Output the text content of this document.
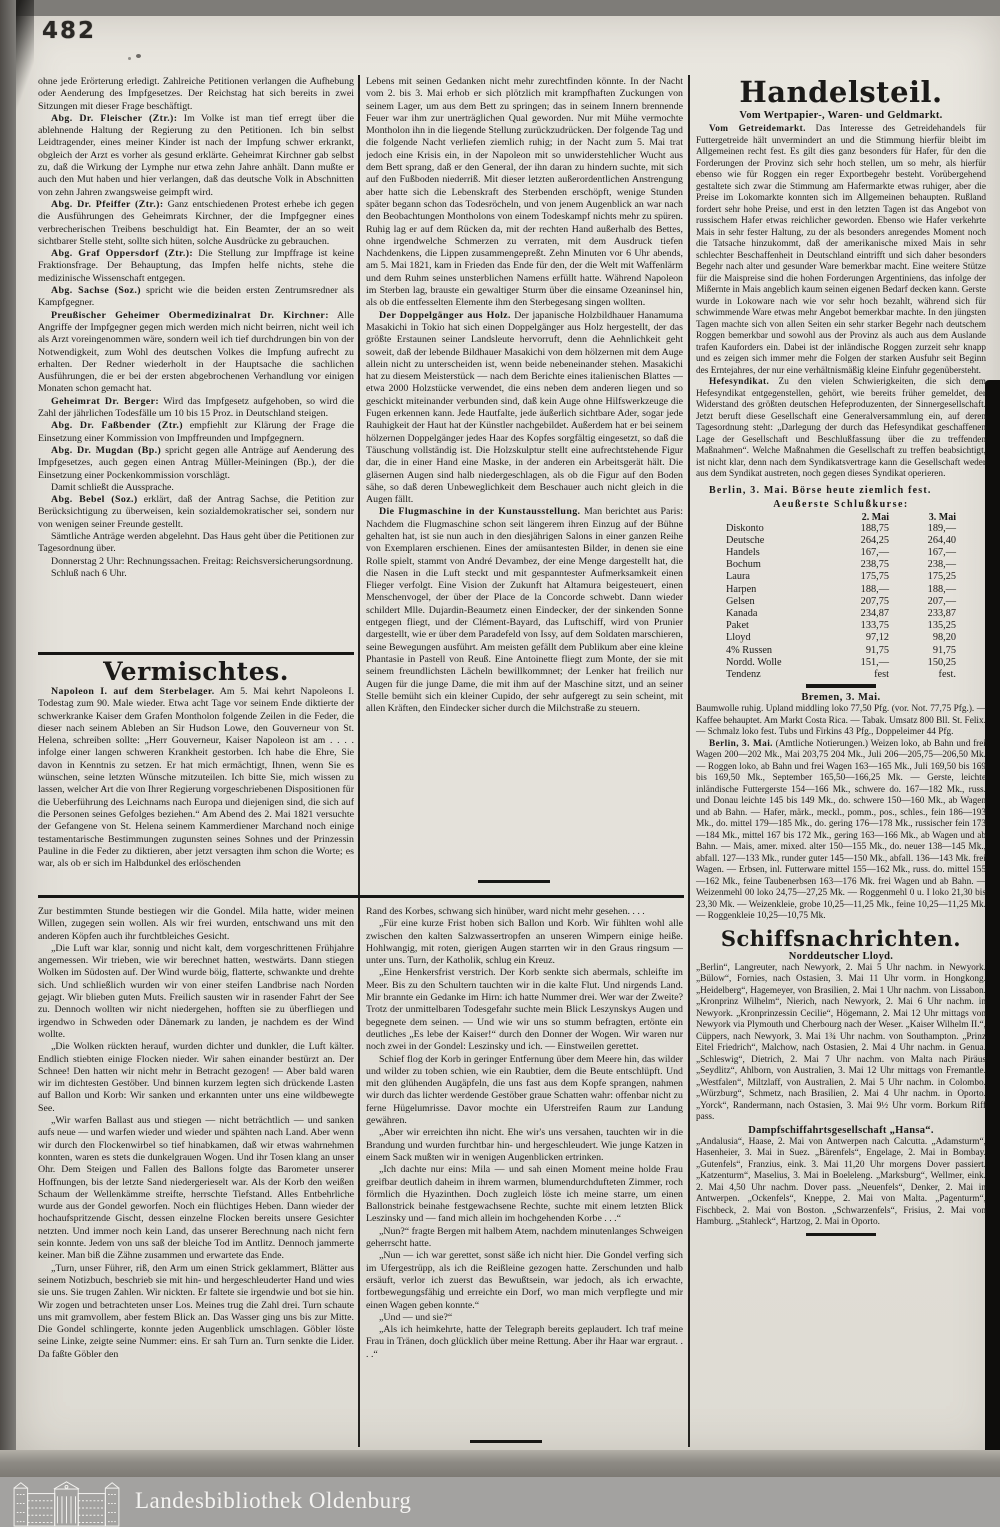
482

ohne jede Erörterung erledigt. Zahlreiche Petitionen verlangen die Aufhebung oder Aenderung des Impfgesetzes. Der Reichstag hat sich bereits in zwei Sitzungen mit dieser Frage beschäftigt.

Abg. Dr. Fleischer (Ztr.): Im Volke ist man tief erregt über die ablehnende Haltung der Regierung zu den Petitionen. Ich bin selbst Leidtragender, eines meiner Kinder ist nach der Impfung schwer erkrankt, obgleich der Arzt es vorher als gesund erklärte. Geheimrat Kirchner gab selbst zu, daß die Wirkung der Lymphe nur etwa zehn Jahre anhält. Dann mußte er auch den Mut haben und hier verlangen, daß das deutsche Volk in Abschnitten von zehn Jahren zwangsweise geimpft wird.

Abg. Dr. Pfeiffer (Ztr.): Ganz entschiedenen Protest erhebe ich gegen die Ausführungen des Geheimrats Kirchner, der die Impfgegner eines verbrecherischen Treibens beschuldigt hat. Ein Beamter, der an so weit sichtbarer Stelle steht, sollte sich hüten, solche Ausdrücke zu gebrauchen.

Abg. Graf Oppersdorf (Ztr.): Die Stellung zur Impffrage ist keine Fraktionsfrage. Der Behauptung, das Impfen helfe nichts, stehe die medizinische Wissenschaft entgegen.

Abg. Sachse (Soz.) spricht wie die beiden ersten Zentrumsredner als Kampfgegner.

Preußischer Geheimer Obermedizinalrat Dr. Kirchner: Alle Angriffe der Impfgegner gegen mich werden mich nicht beirren, nicht weil ich als Arzt voreingenommen wäre, sondern weil ich tief durchdrungen bin von der Notwendigkeit, zum Wohl des deutschen Volkes die Impfung aufrecht zu erhalten. Der Redner wiederholt in der Hauptsache die sachlichen Ausführungen, die er bei der ersten abgebrochenen Verhandlung vor einigen Monaten schon gemacht hat.

Geheimrat Dr. Berger: Wird das Impfgesetz aufgehoben, so wird die Zahl der jährlichen Todesfälle um 10 bis 15 Proz. in Deutschland steigen.

Abg. Dr. Faßbender (Ztr.) empfiehlt zur Klärung der Frage die Einsetzung einer Kommission von Impffreunden und Impfgegnern.

Abg. Dr. Mugdan (Bp.) spricht gegen alle Anträge auf Aenderung des Impfgesetzes, auch gegen einen Antrag Müller-Meiningen (Bp.), der die Einsetzung einer Pockenkommission vorschlägt.

Damit schließt die Aussprache.

Abg. Bebel (Soz.) erklärt, daß der Antrag Sachse, die Petition zur Berücksichtigung zu überweisen, kein sozialdemokratischer sei, sondern nur von wenigen seiner Freunde gestellt.

Sämtliche Anträge werden abgelehnt. Das Haus geht über die Petitionen zur Tagesordnung über.

Donnerstag 2 Uhr: Rechnungssachen. Freitag: Reichsversicherungsordnung.

Schluß nach 6 Uhr.

Vermischtes.

Napoleon I. auf dem Sterbelager. Am 5. Mai kehrt Napoleons I. Todestag zum 90. Male wieder. Etwa acht Tage vor seinem Ende diktierte der schwerkranke Kaiser dem Grafen Montholon folgende Zeilen in die Feder, die dieser nach seinem Ableben an Sir Hudson Lowe, den Gouverneur von St. Helena, schreiben sollte: „Herr Gouverneur, Kaiser Napoleon ist am . . . . infolge einer langen schweren Krankheit gestorben. Ich habe die Ehre, Sie davon in Kenntnis zu setzen. Er hat mich ermächtigt, Ihnen, wenn Sie es wünschen, seine letzten Wünsche mitzuteilen. Ich bitte Sie, mich wissen zu lassen, welcher Art die von Ihrer Regierung vorgeschriebenen Dispositionen für die Ueberführung des Leichnams nach Europa und diejenigen sind, die sich auf die Personen seines Gefolges beziehen.“ Am Abend des 2. Mai 1821 versuchte der Gefangene von St. Helena seinem Kammerdiener Marchand noch einige testamentarische Bestimmungen zugunsten seines Sohnes und der Prinzessin Pauline in die Feder zu diktieren, aber jetzt versagten ihm schon die Worte; es war, als ob er sich im Halbdunkel des erlöschenden

Lebens mit seinen Gedanken nicht mehr zurechtfinden könnte. In der Nacht vom 2. bis 3. Mai erhob er sich plötzlich mit krampfhaften Zuckungen von seinem Lager, um aus dem Bett zu springen; das in seinem Innern brennende Feuer war ihm zur unerträglichen Qual geworden. Nur mit Mühe vermochte Montholon ihn in die liegende Stellung zurückzudrücken. Der folgende Tag und die folgende Nacht verliefen ziemlich ruhig; in der Nacht zum 5. Mai trat jedoch eine Krisis ein, in der Napoleon mit so unwiderstehlicher Wucht aus dem Bett sprang, daß er den General, der ihn daran zu hindern suchte, mit sich auf den Fußboden niederriß. Mit dieser letzten außerordentlichen Anstrengung aber hatte sich die Lebenskraft des Sterbenden erschöpft, wenige Stunden später begann schon das Todesröcheln, und von jenem Augenblick an war nach den Beobachtungen Montholons von einem Todeskampf nichts mehr zu spüren. Ruhig lag er auf dem Rücken da, mit der rechten Hand außerhalb des Bettes, ohne irgendwelche Schmerzen zu verraten, mit dem Ausdruck tiefen Nachdenkens, die Lippen zusammengepreßt. Zehn Minuten vor 6 Uhr abends, am 5. Mai 1821, kam in Frieden das Ende für den, der die Welt mit Waffenlärm und dem Ruhm seines unsterblichen Namens erfüllt hatte. Während Napoleon im Sterben lag, brauste ein gewaltiger Sturm über die einsame Ozeaninsel hin, als ob die entfesselten Elemente ihm den Sterbegesang singen wollten.

Der Doppelgänger aus Holz. Der japanische Holzbildhauer Hanamuma Masakichi in Tokio hat sich einen Doppelgänger aus Holz hergestellt, der das größte Erstaunen seiner Landsleute hervorruft, denn die Aehnlichkeit geht soweit, daß der lebende Bildhauer Masakichi von dem hölzernen mit dem Auge allein nicht zu unterscheiden ist, wenn beide nebeneinander stehen. Masakichi hat zu diesem Meisterstück — nach dem Berichte eines italienischen Blattes — etwa 2000 Holzstücke verwendet, die eins neben dem anderen liegen und so geschickt miteinander verbunden sind, daß kein Auge ohne Hilfswerkzeuge die Fugen erkennen kann. Jede Hautfalte, jede äußerlich sichtbare Ader, sogar jede Rauhigkeit der Haut hat der Künstler nachgebildet. Außerdem hat er bei seinem hölzernen Doppelgänger jedes Haar des Kopfes sorgfältig eingesetzt, so daß die Täuschung vollständig ist. Die Holzskulptur stellt eine aufrechtstehende Figur dar, die in einer Hand eine Maske, in der anderen ein Arbeitsgerät hält. Die gläsernen Augen sind halb niedergeschlagen, als ob die Figur auf den Boden sähe, so daß deren Unbeweglichkeit dem Beschauer auch nicht gleich in die Augen fällt.

Die Flugmaschine in der Kunstausstellung. Man berichtet aus Paris: Nachdem die Flugmaschine schon seit längerem ihren Einzug auf der Bühne gehalten hat, ist sie nun auch in den diesjährigen Salons in einer ganzen Reihe von Exemplaren erschienen. Eines der amüsantesten Bilder, in denen sie eine Rolle spielt, stammt von André Devambez, der eine Menge dargestellt hat, die die Nasen in die Luft steckt und mit gespanntester Aufmerksamkeit einen Flieger verfolgt. Eine Vision der Zukunft hat Altamura beigesteuert, einen Menschenvogel, der über der Place de la Concorde schwebt. Dann wieder schildert Mlle. Dujardin-Beaumetz einen Eindecker, der der sinkenden Sonne entgegen fliegt, und der Clément-Bayard, das Luftschiff, wird von Prunier dargestellt, wie er über dem Paradefeld von Issy, auf dem Soldaten marschieren, seine Bewegungen ausführt. Am meisten gefällt dem Publikum aber eine kleine Phantasie in Pastell von Reuß. Eine Antoinette fliegt zum Monte, der sie mit seinem freundlichsten Lächeln bewillkommnet; der Lenker hat freilich nur Augen für die junge Dame, die mit ihm auf der Maschine sitzt, und an seiner Stelle bemüht sich ein kleiner Cupido, der sehr aufgeregt zu sein scheint, mit allen Kräften, den Eindecker sicher durch die Milchstraße zu steuern.

Zur bestimmten Stunde bestiegen wir die Gondel. Mila hatte, wider meinen Willen, zugegen sein wollen. Als wir frei wurden, entschwand uns mit den anderen Köpfen auch ihr furchtbleiches Gesicht.

„Die Luft war klar, sonnig und nicht kalt, dem vorgeschrittenen Frühjahre angemessen. Wir trieben, wie wir berechnet hatten, westwärts. Dann stiegen Wolken im Südosten auf. Der Wind wurde böig, flatterte, schwankte und drehte sich. Und schließlich wurden wir von einer steifen Landbrise nach Norden gejagt. Wir blieben guten Muts. Freilich sausten wir in rasender Fahrt der See zu. Dennoch wollten wir nicht niedergehen, hofften sie zu überfliegen und irgendwo in Schweden oder Dänemark zu landen, je nachdem es der Wind wollte.

„Die Wolken rückten herauf, wurden dichter und dunkler, die Luft kälter. Endlich stiebten einige Flocken nieder. Wir sahen einander bestürzt an. Der Schnee! Den hatten wir nicht mehr in Betracht gezogen! — Aber bald waren wir im dichtesten Gestöber. Und binnen kurzem legten sich drückende Lasten auf Ballon und Korb: Wir sanken und erkannten unter uns eine wildbewegte See.

„Wir warfen Ballast aus und stiegen — nicht beträchtlich — und sanken aufs neue — und warfen wieder und wieder und spähten nach Land. Aber wenn wir durch den Flockenwirbel so tief hinabkamen, daß wir etwas wahrnehmen konnten, waren es stets die dunkelgrauen Wogen. Und ihr Tosen klang an unser Ohr. Dem Steigen und Fallen des Ballons folgte das Barometer unserer Hoffnungen, bis der letzte Sand niedergerieselt war. Als der Korb den weißen Schaum der Wellenkämme streifte, herrschte Tiefstand. Alles Entbehrliche wurde aus der Gondel geworfen. Noch ein flüchtiges Heben. Dann wieder der hochaufspritzende Gischt, dessen einzelne Flocken bereits unsere Gesichter netzten. Und immer noch kein Land, das unserer Berechnung nach nicht fern sein konnte. Jedem von uns saß der bleiche Tod im Antlitz. Dennoch jammerte keiner. Man biß die Zähne zusammen und erwartete das Ende.

„Turn, unser Führer, riß, den Arm um einen Strick geklammert, Blätter aus seinem Notizbuch, beschrieb sie mit hin- und hergeschleuderter Hand und wies sie uns. Sie trugen Zahlen. Wir nickten. Er faltete sie irgendwie und bot sie hin. Wir zogen und betrachteten unser Los. Meines trug die Zahl drei. Turn schaute uns mit gramvollem, aber festem Blick an. Das Wasser ging uns bis zur Mitte. Die Gondel schlingerte, konnte jeden Augenblick umschlagen. Göbler löste seine Linke, zeigte seine Nummer: eins. Er sah Turn an. Turn senkte die Lider. Da faßte Göbler den

Rand des Korbes, schwang sich hinüber, ward nicht mehr gesehen. . . .

„Für eine kurze Frist hoben sich Ballon und Korb. Wir fühlten wohl alle zwischen den kalten Salzwassertropfen an unseren Wimpern einige heiße. Hohlwangig, mit roten, gierigen Augen starrten wir in den Graus ringsum — unter uns. Turn, der Katholik, schlug ein Kreuz.

„Eine Henkersfrist verstrich. Der Korb senkte sich abermals, schleifte im Meer. Bis zu den Schultern tauchten wir in die kalte Flut. Und nirgends Land. Mir brannte ein Gedanke im Hirn: ich hatte Nummer drei. Wer war der Zweite? Trotz der unmittelbaren Todesgefahr suchte mein Blick Leszynskys Augen und begegnete dem seinen. — Und wie wir uns so stumm befragten, ertönte ein deutliches „Es lebe der Kaiser!“ durch den Donner der Wogen. Wir waren nur noch zwei in der Gondel: Leszinsky und ich. — Einstweilen gerettet.

Schief flog der Korb in geringer Entfernung über dem Meere hin, das wilder und wilder zu toben schien, wie ein Raubtier, dem die Beute entschlüpft. Und mit den glühenden Augäpfeln, die uns fast aus dem Kopfe sprangen, nahmen wir durch das lichter werdende Gestöber graue Schatten wahr: offenbar nicht zu ferne Hügelumrisse. Davor mochte ein Uferstreifen Raum zur Landung gewähren.

„Aber wir erreichten ihn nicht. Ehe wir's uns versahen, tauchten wir in die Brandung und wurden furchtbar hin- und hergeschleudert. Wie junge Katzen in einem Sack mußten wir in wenigen Augenblicken ertrinken.

„Ich dachte nur eins: Mila — und sah einen Moment meine holde Frau greifbar deutlich daheim in ihrem warmen, blumendurchdufteten Zimmer, roch förmlich die Hyazinthen. Doch zugleich löste ich meine starre, um einen Ballonstrick beinahe festgewachsene Rechte, suchte mit einem letzten Blick Leszinsky und — fand mich allein im hochgehenden Korbe . . .“

„Nun?“ fragte Bergen mit halbem Atem, nachdem minutenlanges Schweigen geherrscht hatte.

„Nun — ich war gerettet, sonst säße ich nicht hier. Die Gondel verfing sich im Ufergestrüpp, als ich die Reißleine gezogen hatte. Zerschunden und halb ersäuft, verlor ich zuerst das Bewußtsein, war jedoch, als ich erwachte, fortbewegungsfähig und erreichte ein Dorf, wo man mich verpflegte und mir einen Wagen geben konnte.“

„Und — und sie?“

„Als ich heimkehrte, hatte der Telegraph bereits geplaudert. Ich traf meine Frau in Tränen, doch glücklich über meine Rettung. Aber ihr Haar war ergraut. . . .“

Handelsteil.
Vom Wertpapier-, Waren- und Geldmarkt.

Vom Getreidemarkt. Das Interesse des Getreidehandels für Futtergetreide hält unvermindert an und die Stimmung hierfür bleibt im Allgemeinen recht fest. Es gilt dies ganz besonders für Hafer, für den die Forderungen der Provinz sich sehr hoch stellen, um so mehr, als hierfür ebenso wie für Roggen ein reger Exportbegehr besteht. Vorübergehend gestaltete sich zwar die Stimmung am Hafermarkte etwas ruhiger, aber die Preise im Lokomarkte konnten sich im Allgemeinen behaupten. Rußland fordert sehr hohe Preise, und erst in den letzten Tagen ist das Angebot von russischem Hafer etwas reichlicher geworden. Ebenso wie Hafer verkehrte Mais in sehr fester Haltung, zu der als besonders anregendes Moment noch die Tatsache hinzukommt, daß der amerikanische mixed Mais in sehr schlechter Beschaffenheit in Deutschland eintrifft und sich daher besonders Begehr nach alter und gesunder Ware bemerkbar macht. Eine weitere Stütze für die Maispreise sind die hohen Forderungen Argentiniens, das infolge der Mißernte in Mais angeblich kaum seinen eigenen Bedarf decken kann. Gerste wurde in Lokoware nach wie vor sehr hoch bezahlt, während sich für schwimmende Ware etwas mehr Angebot bemerkbar machte. In den jüngsten Tagen machte sich von allen Seiten ein sehr starker Begehr nach deutschem Roggen bemerkbar und sowohl aus der Provinz als auch aus dem Auslande trafen Kauforders ein. Dabei ist der inländische Roggen zurzeit sehr knapp und es zeigen sich immer mehr die Folgen der starken Ausfuhr seit Beginn des Erntejahres, der nur eine verhältnismäßig kleine Einfuhr gegenübersteht.

Hefesyndikat. Zu den vielen Schwierigkeiten, die sich dem Hefesyndikat entgegenstellen, gehört, wie bereits früher gemeldet, der Widerstand des größten deutschen Hefeproduzenten, der Sinnergesellschaft. Jetzt beruft diese Gesellschaft eine Generalversammlung ein, auf deren Tagesordnung steht: „Darlegung der durch das Hefesyndikat geschaffenen Lage der Gesellschaft und Beschlußfassung über die zu treffenden Maßnahmen“. Welche Maßnahmen die Gesellschaft zu treffen beabsichtigt, ist nicht klar, denn nach dem Syndikatsvertrage kann die Gesellschaft weder aus dem Syndikat austreten, noch gegen dieses Syndikat operieren.

Berlin, 3. Mai. Börse heute ziemlich fest.

Aeußerste Schlußkurse:
	2. Mai	3. Mai
Diskonto	188,75	189,—
Deutsche	264,25	264,40
Handels	167,—	167,—
Bochum	238,75	238,—
Laura	175,75	175,25
Harpen	188,—	188,—
Gelsen	207,75	207,—
Kanada	234,87	233,87
Paket	133,75	135,25
Lloyd	97,12	98,20
4% Russen	91,75	91,75
Nordd. Wolle	151,—	150,25
Tendenz	fest	fest.
Bremen, 3. Mai.

Baumwolle ruhig. Upland middling loko 77,50 Pfg. (vor. Not. 77,75 Pfg.). — Kaffee behauptet. Am Markt Costa Rica. — Tabak. Umsatz 800 Bll. St. Felix. — Schmalz loko fest. Tubs und Firkins 43 Pfg., Doppeleimer 44 Pfg.

Berlin, 3. Mai. (Amtliche Notierungen.) Weizen loko, ab Bahn und frei Wagen 200—202 Mk., Mai 203,75 204 Mk., Juli 206—205,75—206,50 Mk. — Roggen loko, ab Bahn und frei Wagen 163—165 Mk., Juli 169,50 bis 169 bis 169,50 Mk., September 165,50—166,25 Mk. — Gerste, leichte inländische Futtergerste 154—166 Mk., schwere do. 167—182 Mk., russ. und Donau leichte 145 bis 149 Mk., do. schwere 150—160 Mk., ab Wagen und ab Bahn. — Hafer, märk., meckl., pomm., pos., schles., fein 186—193 Mk., do. mittel 179—185 Mk., do. gering 176—178 Mk., russischer fein 173—184 Mk., mittel 167 bis 172 Mk., gering 163—166 Mk., ab Wagen und ab Bahn. — Mais, amer. mixed. alter 150—155 Mk., do. neuer 138—145 Mk., abfall. 127—133 Mk., runder guter 145—150 Mk., abfall. 136—143 Mk. frei Wagen. — Erbsen, inl. Futterware mittel 155—162 Mk., russ. do. mittel 155—162 Mk., feine Taubenerbsen 163—176 Mk. frei Wagen und ab Bahn. — Weizenmehl 00 loko 24,75—27,25 Mk. — Roggenmehl 0 u. I loko 21,30 bis 23,30 Mk. — Weizenkleie, grobe 10,25—11,25 Mk., feine 10,25—11,25 Mk. — Roggenkleie 10,25—10,75 Mk.

Schiffsnachrichten.
Norddeutscher Lloyd.

„Berlin“, Langreuter, nach Newyork, 2. Mai 5 Uhr nachm. in Newyork. „Bülow“, Fornies, nach Ostasien, 3. Mai 11 Uhr vorm. in Hongkong. „Heidelberg“, Hagemeyer, von Brasilien, 2. Mai 1 Uhr nachm. von Lissabon. „Kronprinz Wilhelm“, Nierich, nach Newyork, 2. Mai 6 Uhr nachm. in Newyork. „Kronprinzessin Cecilie“, Högemann, 2. Mai 12 Uhr mittags von Newyork via Plymouth und Cherbourg nach der Weser. „Kaiser Wilhelm II.“, Cüppers, nach Newyork, 3. Mai 1¾ Uhr nachm. von Southampton. „Prinz Eitel Friedrich“, Malchow, nach Ostasien, 2. Mai 4 Uhr nachm. in Genua. „Schleswig“, Dietrich, 2. Mai 7 Uhr nachm. von Malta nach Piräus „Seydlitz“, Ahlborn, von Australien, 3. Mai 12 Uhr mittags von Fremantle. „Westfalen“, Miltzlaff, von Australien, 2. Mai 5 Uhr nachm. in Colombo. „Würzburg“, Schmetz, nach Brasilien, 2. Mai 4 Uhr nachm. in Oporto. „Yorck“, Randermann, nach Ostasien, 3. Mai 9½ Uhr vorm. Borkum Riff pass.

Dampfschiffahrtsgesellschaft „Hansa“.

„Andalusia“, Haase, 2. Mai von Antwerpen nach Calcutta. „Adamsturm“, Hasenheier, 3. Mai in Suez. „Bärenfels“, Engelage, 2. Mai in Bombay. „Gutenfels“, Franzius, eink. 3. Mai 11,20 Uhr morgens Dover passiert. „Katzenturm“, Maselius, 3. Mai in Boeleleng. „Marksburg“, Wellmer, eink. 2. Mai 4,50 Uhr nachm. Dover pass. „Neuenfels“, Denker, 2. Mai in Antwerpen. „Ockenfels“, Kneppe, 2. Mai von Malta. „Pagenturm“, Fischbeck, 2. Mai von Boston. „Schwarzenfels“, Frisius, 2. Mai von Hamburg. „Stahleck“, Hartzog, 2. Mai in Oporto.

Landesbibliothek Oldenburg
